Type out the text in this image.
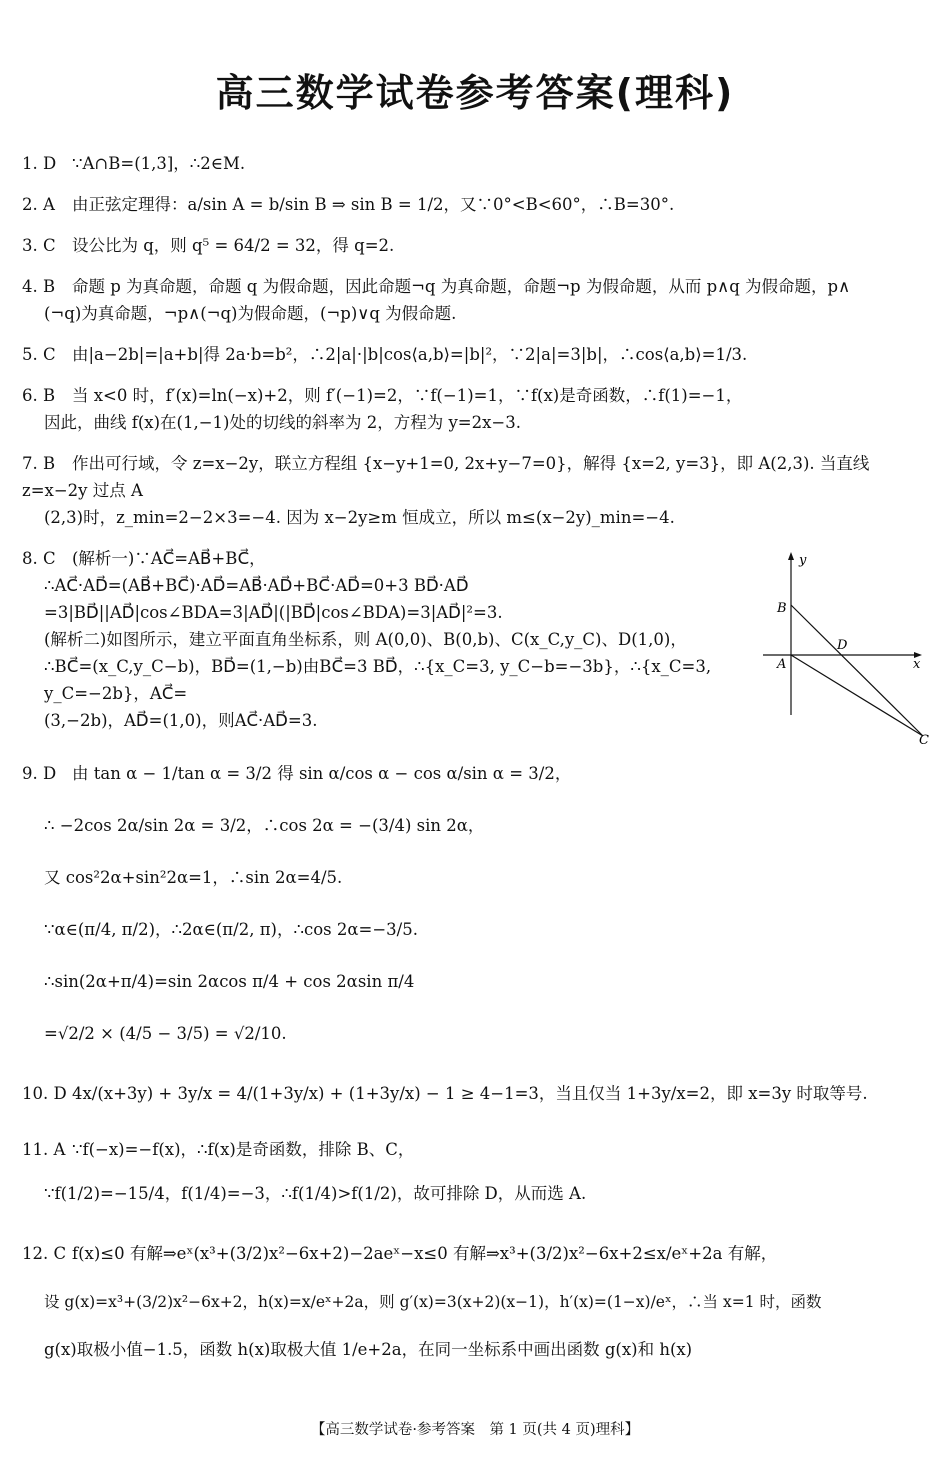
高三数学试卷参考答案(理科)
1. D ∵A∩B=(1,3]，∴2∈M.
2. A 由正弦定理得：a/sin A = b/sin B ⇒ sin B = 1/2，又∵0°<B<60°，∴B=30°.
3. C 设公比为 q，则 q⁵ = 64/2 = 32，得 q=2.
4. B 命题 p 为真命题，命题 q 为假命题，因此命题¬q 为真命题，命题¬p 为假命题，从而 p∧q 为假命题，p∧
(¬q)为真命题，¬p∧(¬q)为假命题，(¬p)∨q 为假命题.
5. C 由|a−2b|=|a+b|得 2a·b=b²，∴2|a|·|b|cos⟨a,b⟩=|b|²，∵2|a|=3|b|，∴cos⟨a,b⟩=1/3.
6. B 当 x<0 时，f′(x)=ln(−x)+2，则 f′(−1)=2，∵f(−1)=1，∵f(x)是奇函数，∴f(1)=−1，
因此，曲线 f(x)在(1,−1)处的切线的斜率为 2，方程为 y=2x−3.
7. B 作出可行域，令 z=x−2y，联立方程组 {x−y+1=0, 2x+y−7=0}，解得 {x=2, y=3}，即 A(2,3). 当直线 z=x−2y 过点 A
(2,3)时，z_min=2−2×3=−4. 因为 x−2y≥m 恒成立，所以 m≤(x−2y)_min=−4.
8. C (解析一)∵AC⃗=AB⃗+BC⃗，
∴AC⃗·AD⃗=(AB⃗+BC⃗)·AD⃗=AB⃗·AD⃗+BC⃗·AD⃗=0+3 BD⃗·AD⃗
=3|BD⃗||AD⃗|cos∠BDA=3|AD⃗|(|BD⃗|cos∠BDA)=3|AD⃗|²=3.
(解析二)如图所示，建立平面直角坐标系，则 A(0,0)、B(0,b)、C(x_C,y_C)、D(1,0)，
∴BC⃗=(x_C,y_C−b)，BD⃗=(1,−b)由BC⃗=3 BD⃗，∴{x_C=3, y_C−b=−3b}，∴{x_C=3, y_C=−2b}，AC⃗=
(3,−2b)，AD⃗=(1,0)，则AC⃗·AD⃗=3.
9. D 由 tan α − 1/tan α = 3/2 得 sin α/cos α − cos α/sin α = 3/2，
∴ −2cos 2α/sin 2α = 3/2，∴cos 2α = −(3/4) sin 2α，
又 cos²2α+sin²2α=1，∴sin 2α=4/5.
∵α∈(π/4, π/2)，∴2α∈(π/2, π)，∴cos 2α=−3/5.
∴sin(2α+π/4)=sin 2αcos π/4 + cos 2αsin π/4
=√2/2 × (4/5 − 3/5) = √2/10.
10. D 4x/(x+3y) + 3y/x = 4/(1+3y/x) + (1+3y/x) − 1 ≥ 4−1=3，当且仅当 1+3y/x=2，即 x=3y 时取等号.
11. A ∵f(−x)=−f(x)，∴f(x)是奇函数，排除 B、C，
∵f(1/2)=−15/4，f(1/4)=−3，∴f(1/4)>f(1/2)，故可排除 D，从而选 A.
12. C f(x)≤0 有解⇒eˣ(x³+(3/2)x²−6x+2)−2aeˣ−x≤0 有解⇒x³+(3/2)x²−6x+2≤x/eˣ+2a 有解，
设 g(x)=x³+(3/2)x²−6x+2，h(x)=x/eˣ+2a，则 g′(x)=3(x+2)(x−1)，h′(x)=(1−x)/eˣ，∴当 x=1 时，函数
g(x)取极小值−1.5，函数 h(x)取极大值 1/e+2a，在同一坐标系中画出函数 g(x)和 h(x)
y
x
B
D
A
C
【高三数学试卷·参考答案　第 1 页(共 4 页)理科】
